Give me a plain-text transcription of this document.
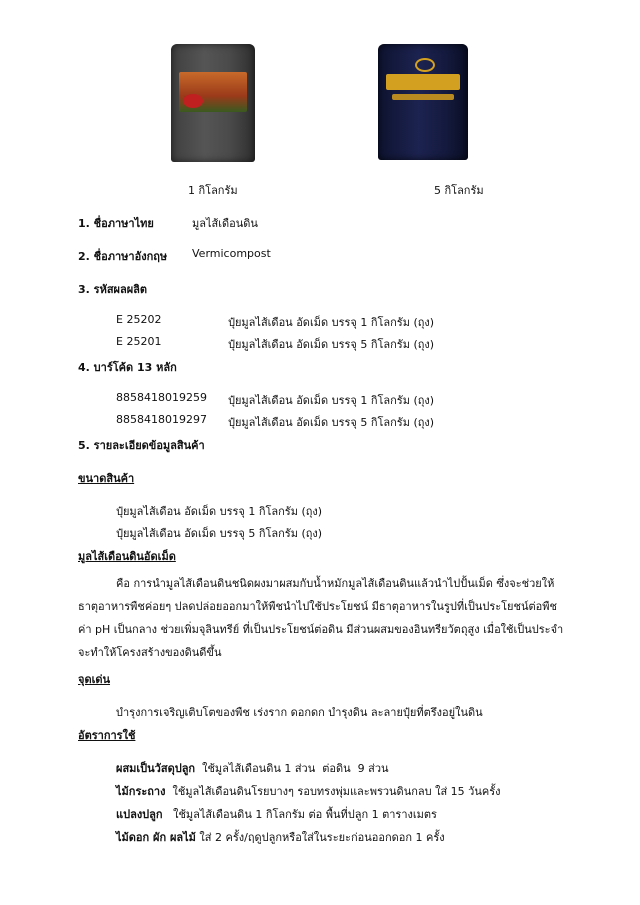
1 กิโลกรัม	5 กิโลกรัม
1. ชื่อภาษาไทย	มูลไส้เดือนดิน
2. ชื่อภาษาอังกฤษ Vermicompost
3. รหัสผลผลิต
E 25202	ปุ๋ยมูลไส้เดือน อัดเม็ด บรรจุ 1 กิโลกรัม (ถุง)
E 25201	ปุ๋ยมูลไส้เดือน อัดเม็ด บรรจุ 5 กิโลกรัม (ถุง)
4. บาร์โค้ด 13 หลัก
8858418019259 ปุ๋ยมูลไส้เดือน อัดเม็ด บรรจุ 1 กิโลกรัม (ถุง)
8858418019297 ปุ๋ยมูลไส้เดือน อัดเม็ด บรรจุ 5 กิโลกรัม (ถุง)
5. รายละเอียดข้อมูลสินค้า
ขนาดสินค้า
ปุ๋ยมูลไส้เดือน อัดเม็ด บรรจุ 1 กิโลกรัม (ถุง)
ปุ๋ยมูลไส้เดือน อัดเม็ด บรรจุ 5 กิโลกรัม (ถุง)
มูลไส้เดือนดินอัดเม็ด
คือ การนำมูลไส้เดือนดินชนิดผงมาผสมกับน้ำหมักมูลไส้เดือนดินแล้วนำไปปั้นเม็ด ซึ่งจะช่วยให้ธาตุอาหารพืชค่อยๆ ปลดปล่อยออกมาให้พืชนำไปใช้ประโยชน์ มีธาตุอาหารในรูปที่เป็นประโยชน์ต่อพืช ค่า pH เป็นกลาง ช่วยเพิ่มจุลินทรีย์ ที่เป็นประโยชน์ต่อดิน มีส่วนผสมของอินทรียวัตถุสูง เมื่อใช้เป็นประจำจะทำให้โครงสร้างของดินดีขึ้น
จุดเด่น
บำรุงการเจริญเติบโตของพืช เร่งราก ดอกดก บำรุงดิน ละลายปุ๋ยที่ตรึงอยู่ในดิน
อัตราการใช้
ผสมเป็นวัสดุปลูก  ใช้มูลไส้เดือนดิน 1 ส่วน  ต่อดิน  9 ส่วน
ไม้กระถาง  ใช้มูลไส้เดือนดินโรยบางๆ รอบทรงพุ่มและพรวนดินกลบ ใส่ 15 วันครั้ง
แปลงปลูก   ใช้มูลไส้เดือนดิน 1 กิโลกรัม ต่อ พื้นที่ปลูก 1 ตารางเมตร
ไม้ดอก ผัก ผลไม้ ใส่ 2 ครั้ง/ฤดูปลูกหรือใส่ในระยะก่อนออกดอก 1 ครั้ง
